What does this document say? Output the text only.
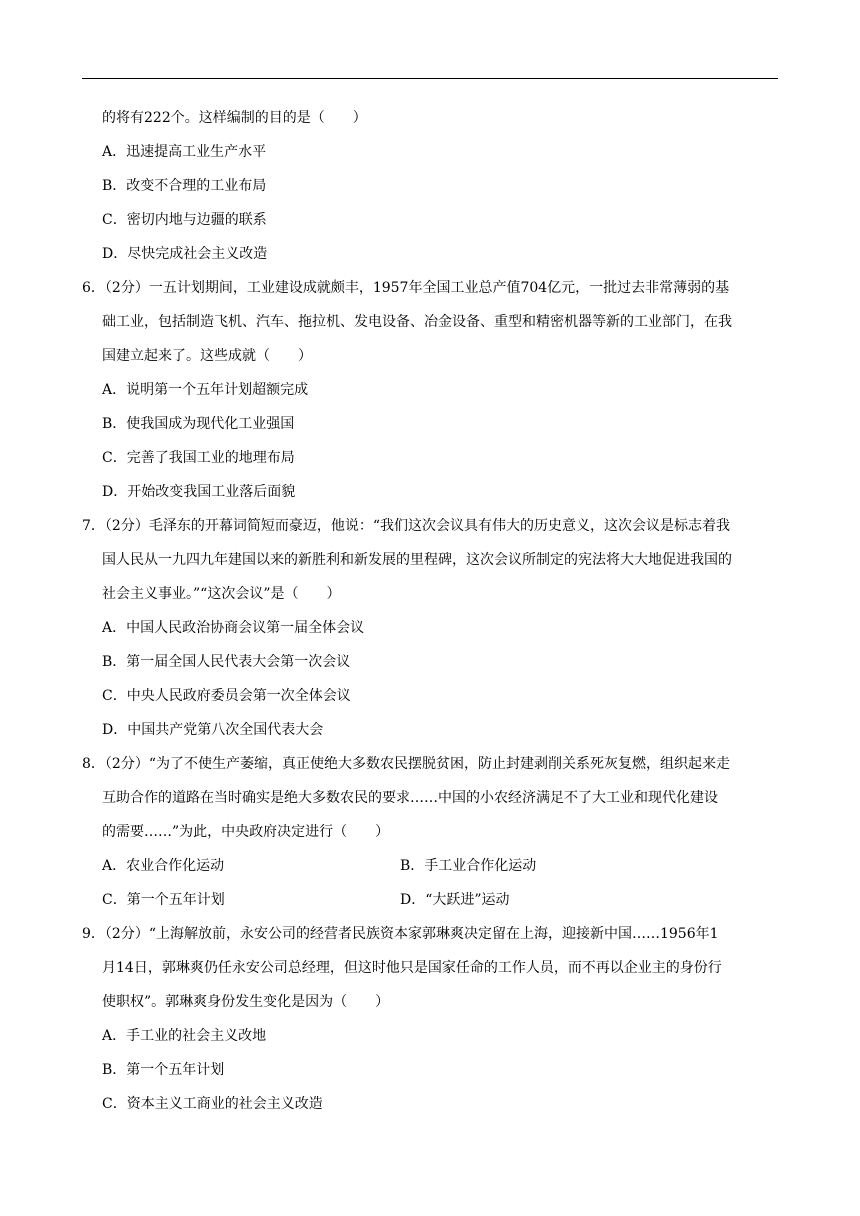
的将有222个。这样编制的目的是（　　）
A．迅速提高工业生产水平
B．改变不合理的工业布局
C．密切内地与边疆的联系
D．尽快完成社会主义改造
6．（2分）一五计划期间，工业建设成就颇丰，1957年全国工业总产值704亿元，一批过去非常薄弱的基
础工业，包括制造飞机、汽车、拖拉机、发电设备、冶金设备、重型和精密机器等新的工业部门，在我
国建立起来了。这些成就（　　）
A．说明第一个五年计划超额完成
B．使我国成为现代化工业强国
C．完善了我国工业的地理布局
D．开始改变我国工业落后面貌
7．（2分）毛泽东的开幕词简短而豪迈，他说：“我们这次会议具有伟大的历史意义，这次会议是标志着我
国人民从一九四九年建国以来的新胜利和新发展的里程碑，这次会议所制定的宪法将大大地促进我国的
社会主义事业。”“这次会议”是（　　）
A．中国人民政治协商会议第一届全体会议
B．第一届全国人民代表大会第一次会议
C．中央人民政府委员会第一次全体会议
D．中国共产党第八次全国代表大会
8．（2分）“为了不使生产萎缩，真正使绝大多数农民摆脱贫困，防止封建剥削关系死灰复燃，组织起来走
互助合作的道路在当时确实是绝大多数农民的要求……中国的小农经济满足不了大工业和现代化建设
的需要……”为此，中央政府决定进行（　　）
A．农业合作化运动	B．手工业合作化运动
C．第一个五年计划	D．“大跃进”运动
9．（2分）“上海解放前，永安公司的经营者民族资本家郭琳爽决定留在上海，迎接新中国……1956年1
月14日，郭琳爽仍任永安公司总经理，但这时他只是国家任命的工作人员，而不再以企业主的身份行
使职权”。郭琳爽身份发生变化是因为（　　）
A．手工业的社会主义改地
B．第一个五年计划
C．资本主义工商业的社会主义改造
